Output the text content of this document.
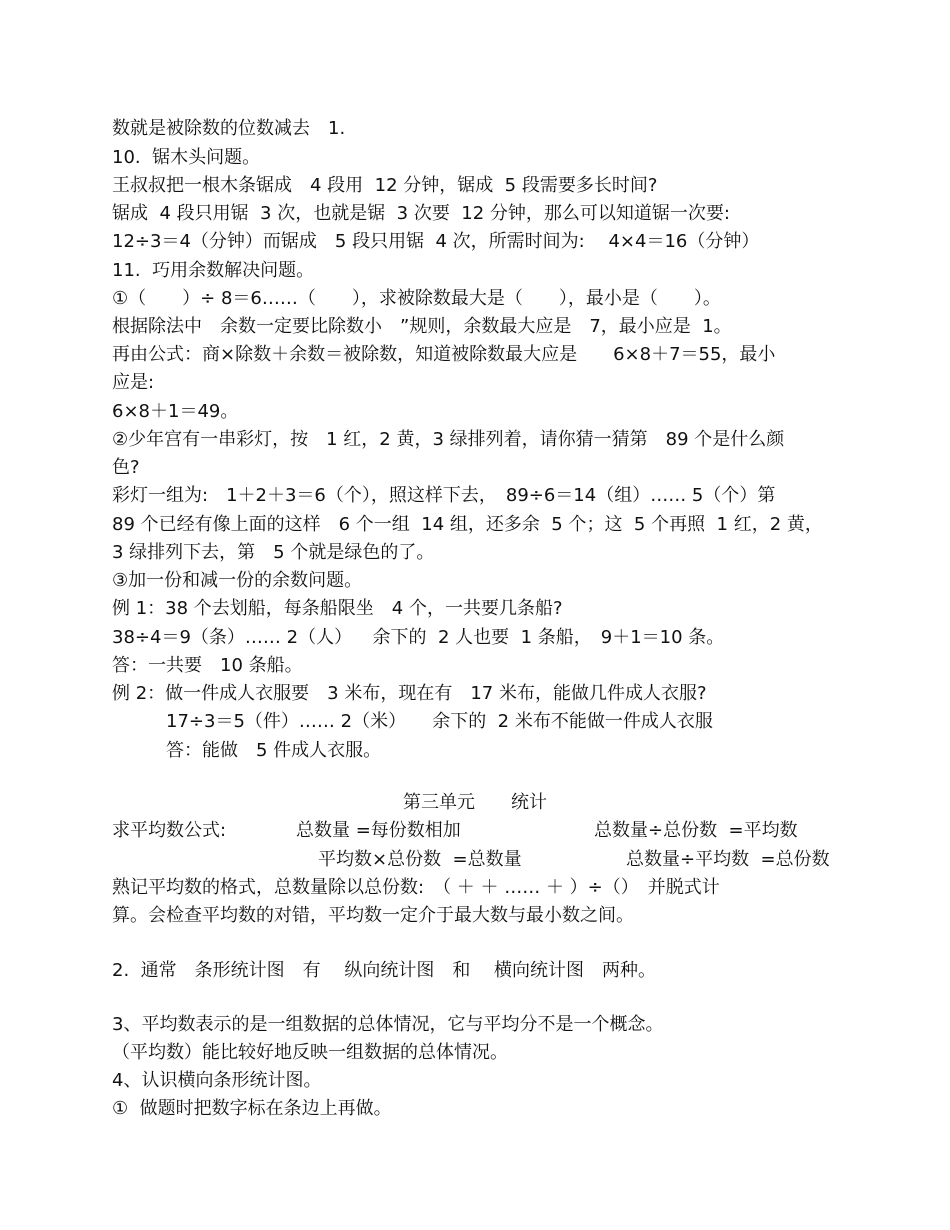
数就是被除数的位数减去　1.
10.  锯木头问题。
王叔叔把一根木条锯成　4 段用  12 分钟，锯成  5 段需要多长时间?
锯成  4 段只用锯  3 次，也就是锯  3 次要  12 分钟，那么可以知道锯一次要:
12÷3＝4（分钟）而锯成　5 段只用锯  4 次，所需时间为:　 4×4＝16（分钟）
11.  巧用余数解决问题。
①（　　）÷ 8＝6……（　　），求被除数最大是（　　），最小是（　　）。
根据除法中　余数一定要比除数小　”规则，余数最大应是　7，最小应是  1。
再由公式：商×除数＋余数＝被除数，知道被除数最大应是　　6×8＋7＝55，最小
应是:
6×8＋1＝49。
②少年宫有一串彩灯，按　1 红，2 黄，3 绿排列着，请你猜一猜第　89 个是什么颜
色?
彩灯一组为:　1＋2＋3＝6（个），照这样下去，　89÷6＝14（组）…… 5（个）第
89 个已经有像上面的这样　6 个一组  14 组，还多余  5 个；这  5 个再照  1 红，2 黄，
3 绿排列下去，第　5 个就是绿色的了。
③加一份和减一份的余数问题。
例 1：38 个去划船，每条船限坐　4 个，一共要几条船?
38÷4＝9（条）…… 2（人）　  余下的  2 人也要  1 条船，　9＋1＝10 条。
答：一共要　10 条船。
例 2：做一件成人衣服要　3 米布，现在有　17 米布，能做几件成人衣服?
17÷3＝5（件）…… 2（米）　   余下的  2 米布不能做一件成人衣服
答：能做　5 件成人衣服。
第三单元　　统计
求平均数公式:	总数量 =每份数相加	总数量÷总份数  =平均数
平均数×总份数  =总数量	总数量÷平均数  =总份数
熟记平均数的格式，总数量除以总份数:　（ ＋ ＋ …… ＋ ）÷（）　并脱式计
算。会检查平均数的对错，平均数一定介于最大数与最小数之间。
2.  通常　条形统计图　有　 纵向统计图　和　 横向统计图　两种。
3、平均数表示的是一组数据的总体情况，它与平均分不是一个概念。
（平均数）能比较好地反映一组数据的总体情况。
4、认识横向条形统计图。
①  做题时把数字标在条边上再做。
